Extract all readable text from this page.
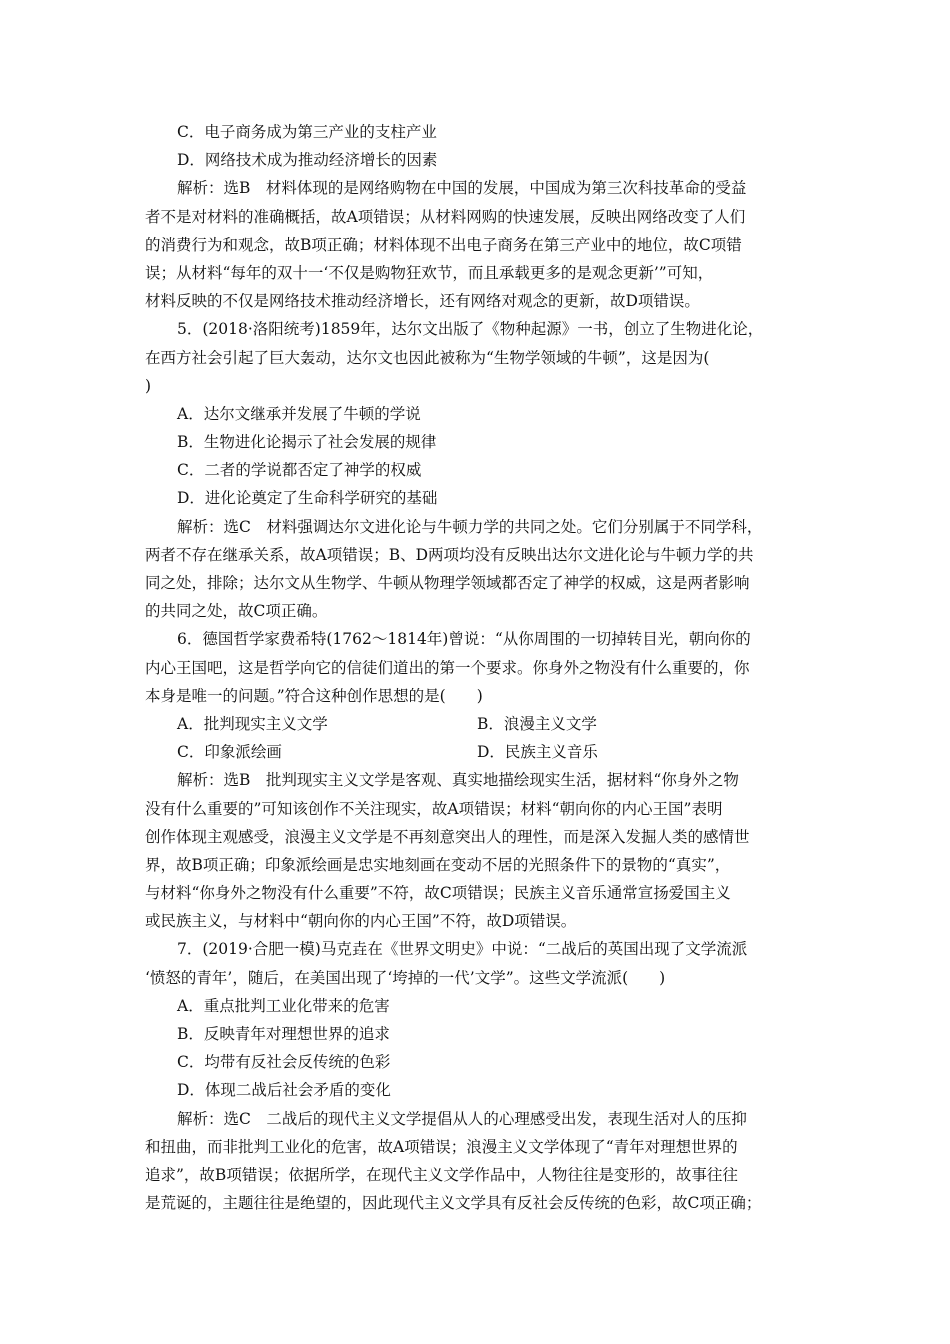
C．电子商务成为第三产业的支柱产业
D．网络技术成为推动经济增长的因素
解析：选B　材料体现的是网络购物在中国的发展，中国成为第三次科技革命的受益
者不是对材料的准确概括，故A项错误；从材料网购的快速发展，反映出网络改变了人们
的消费行为和观念，故B项正确；材料体现不出电子商务在第三产业中的地位，故C项错
误；从材料“每年的双十一‘不仅是购物狂欢节，而且承载更多的是观念更新’”可知，
材料反映的不仅是网络技术推动经济增长，还有网络对观念的更新，故D项错误。
5．(2018·洛阳统考)1859年，达尔文出版了《物种起源》一书，创立了生物进化论，
在西方社会引起了巨大轰动，达尔文也因此被称为“生物学领域的牛顿”，这是因为(
)
A．达尔文继承并发展了牛顿的学说
B．生物进化论揭示了社会发展的规律
C．二者的学说都否定了神学的权威
D．进化论奠定了生命科学研究的基础
解析：选C　材料强调达尔文进化论与牛顿力学的共同之处。它们分别属于不同学科，
两者不存在继承关系，故A项错误；B、D两项均没有反映出达尔文进化论与牛顿力学的共
同之处，排除；达尔文从生物学、牛顿从物理学领域都否定了神学的权威，这是两者影响
的共同之处，故C项正确。
6．德国哲学家费希特(1762～1814年)曾说：“从你周围的一切掉转目光，朝向你的
内心王国吧，这是哲学向它的信徒们道出的第一个要求。你身外之物没有什么重要的，你
本身是唯一的问题。”符合这种创作思想的是(　　)
A．批判现实主义文学	B．浪漫主义文学
C．印象派绘画	D．民族主义音乐
解析：选B　批判现实主义文学是客观、真实地描绘现实生活，据材料“你身外之物
没有什么重要的”可知该创作不关注现实，故A项错误；材料“朝向你的内心王国”表明
创作体现主观感受，浪漫主义文学是不再刻意突出人的理性，而是深入发掘人类的感情世
界，故B项正确；印象派绘画是忠实地刻画在变动不居的光照条件下的景物的“真实”，
与材料“你身外之物没有什么重要”不符，故C项错误；民族主义音乐通常宣扬爱国主义
或民族主义，与材料中“朝向你的内心王国”不符，故D项错误。
7．(2019·合肥一模)马克垚在《世界文明史》中说：“二战后的英国出现了文学流派
‘愤怒的青年’，随后，在美国出现了‘垮掉的一代’文学”。这些文学流派(　　)
A．重点批判工业化带来的危害
B．反映青年对理想世界的追求
C．均带有反社会反传统的色彩
D．体现二战后社会矛盾的变化
解析：选C　二战后的现代主义文学提倡从人的心理感受出发，表现生活对人的压抑
和扭曲，而非批判工业化的危害，故A项错误；浪漫主义文学体现了“青年对理想世界的
追求”，故B项错误；依据所学，在现代主义文学作品中，人物往往是变形的，故事往往
是荒诞的，主题往往是绝望的，因此现代主义文学具有反社会反传统的色彩，故C项正确；
